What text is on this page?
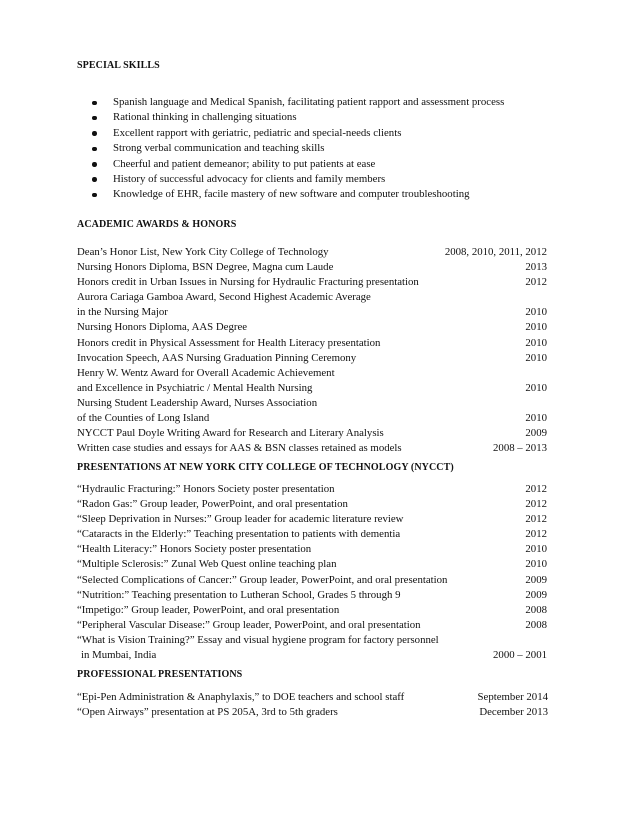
SPECIAL SKILLS
Spanish language and Medical Spanish, facilitating patient rapport and assessment process
Rational thinking in challenging situations
Excellent rapport with geriatric, pediatric and special-needs clients
Strong verbal communication and teaching skills
Cheerful and patient demeanor; ability to put patients at ease
History of successful advocacy for clients and family members
Knowledge of EHR, facile mastery of new software and computer troubleshooting
ACADEMIC AWARDS & HONORS
Dean’s Honor List, New York City College of Technology	2008, 2010, 2011, 2012
Nursing Honors Diploma, BSN Degree, Magna cum Laude	2013
Honors credit in Urban Issues in Nursing for Hydraulic Fracturing presentation	2012
Aurora Cariaga Gamboa Award, Second Highest Academic Average
in the Nursing Major	2010
Nursing Honors Diploma, AAS Degree	2010
Honors credit in Physical Assessment for Health Literacy presentation	2010
Invocation Speech, AAS Nursing Graduation Pinning Ceremony	2010
Henry W. Wentz Award for Overall Academic Achievement
and Excellence in Psychiatric / Mental Health Nursing	2010
Nursing Student Leadership Award, Nurses Association
of the Counties of Long Island	2010
NYCCT Paul Doyle Writing Award for Research and Literary Analysis	2009
Written case studies and essays for AAS & BSN classes retained as models	2008 – 2013
PRESENTATIONS AT NEW YORK CITY COLLEGE OF TECHNOLOGY (NYCCT)
“Hydraulic Fracturing:” Honors Society poster presentation	2012
“Radon Gas:” Group leader, PowerPoint, and oral presentation	2012
“Sleep Deprivation in Nurses:” Group leader for academic literature review	2012
“Cataracts in the Elderly:” Teaching presentation to patients with dementia	2012
“Health Literacy:” Honors Society poster presentation	2010
“Multiple Sclerosis:” Zunal Web Quest online teaching plan	2010
“Selected Complications of Cancer:” Group leader, PowerPoint, and oral presentation	2009
“Nutrition:” Teaching presentation to Lutheran School, Grades 5 through 9	2009
“Impetigo:” Group leader, PowerPoint, and oral presentation	2008
“Peripheral Vascular Disease:” Group leader, PowerPoint, and oral presentation	2008
“What is Vision Training?” Essay and visual hygiene program for factory personnel
in Mumbai, India	2000 – 2001
PROFESSIONAL PRESENTATIONS
“Epi-Pen Administration & Anaphylaxis,” to DOE teachers and school staff	September 2014
“Open Airways” presentation at PS 205A, 3rd to 5th graders	December 2013
